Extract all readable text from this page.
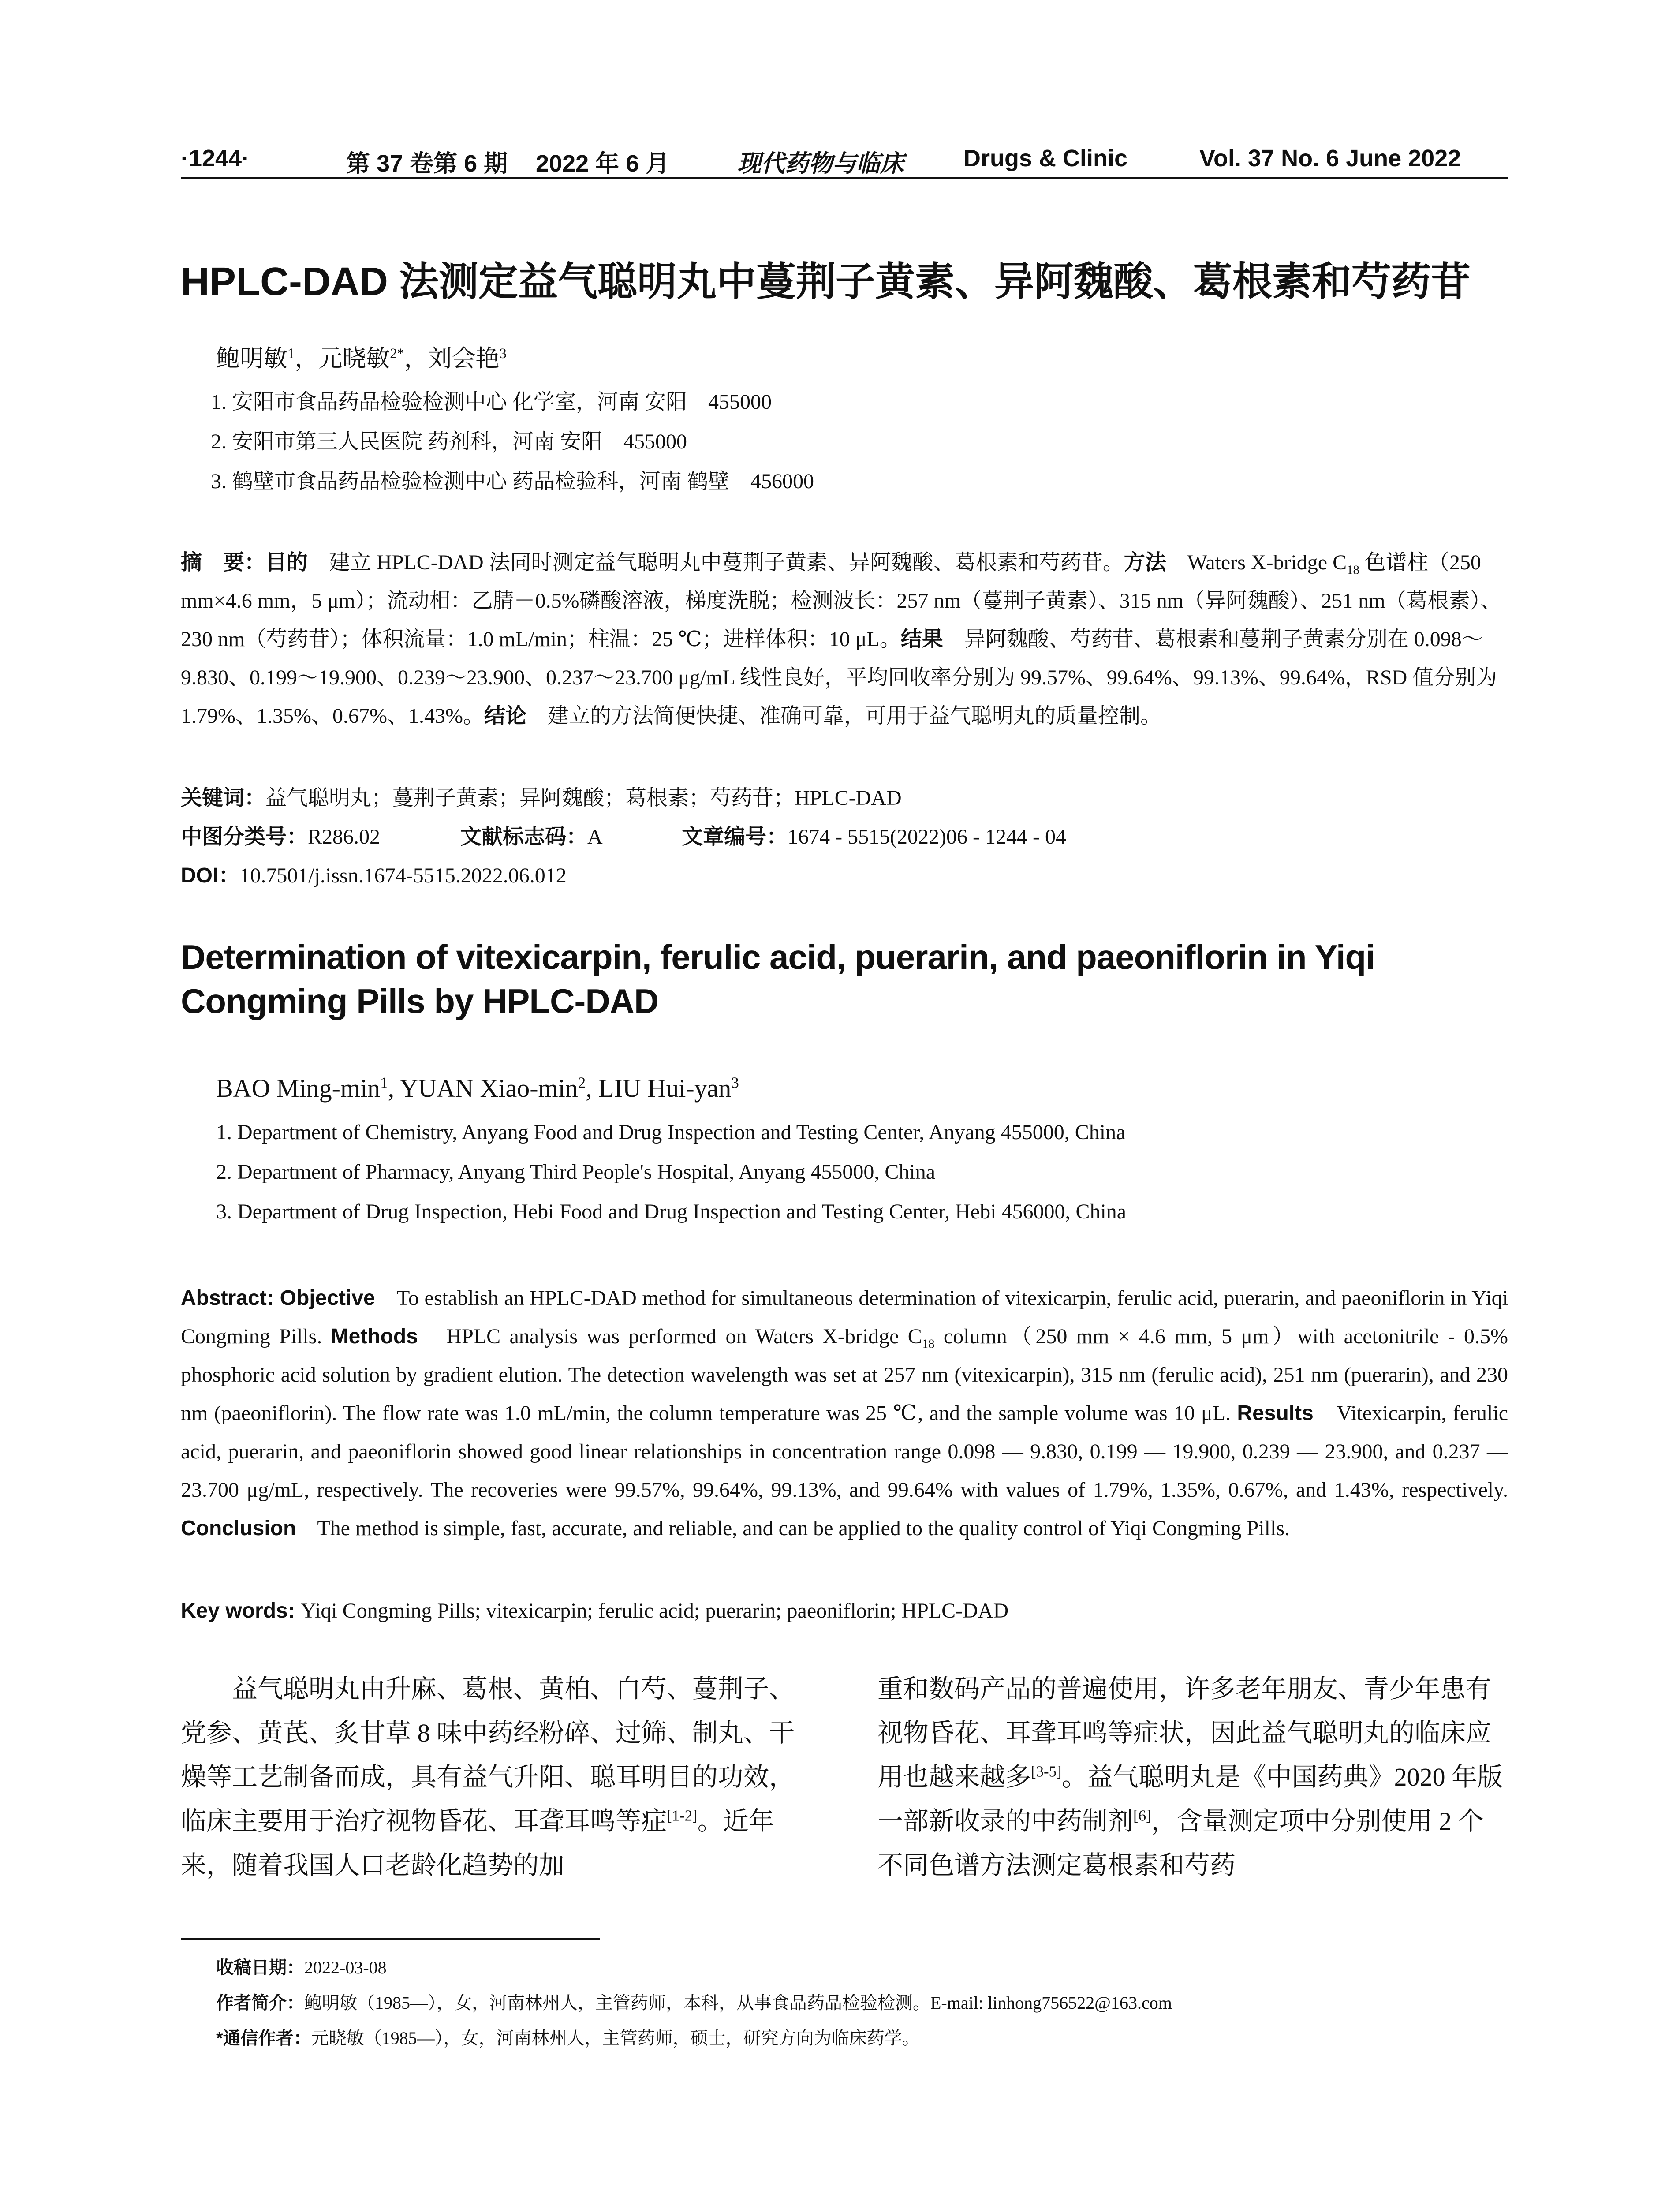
·1244·	第 37 卷第 6 期 2022 年 6 月	现代药物与临床	Drugs & Clinic	Vol. 37 No. 6 June 2022
HPLC-DAD 法测定益气聪明丸中蔓荆子黄素、异阿魏酸、葛根素和芍药苷
鲍明敏$^1$，元晓敏$^{2*}$，刘会艳$^3$
1. 安阳市食品药品检验检测中心 化学室，河南 安阳　455000
2. 安阳市第三人民医院 药剂科，河南 安阳　455000
3. 鹤壁市食品药品检验检测中心 药品检验科，河南 鹤壁　456000
摘　要：目的　建立 HPLC-DAD 法同时测定益气聪明丸中蔓荆子黄素、异阿魏酸、葛根素和芍药苷。方法　Waters X-bridge $C_{18}$ 色谱柱（250 mm×4.6 mm，5 μm）；流动相：乙腈－0.5%磷酸溶液，梯度洗脱；检测波长：257 nm（蔓荆子黄素）、315 nm（异阿魏酸）、251 nm（葛根素）、230 nm（芍药苷）；体积流量：1.0 mL/min；柱温：25 ℃；进样体积：10 μL。结果　异阿魏酸、芍药苷、葛根素和蔓荆子黄素分别在 0.098～9.830、0.199～19.900、0.239～23.900、0.237～23.700 μg/mL 线性良好，平均回收率分别为 99.57%、99.64%、99.13%、99.64%，RSD 值分别为 1.79%、1.35%、0.67%、1.43%。结论　建立的方法简便快捷、准确可靠，可用于益气聪明丸的质量控制。
关键词：益气聪明丸；蔓荆子黄素；异阿魏酸；葛根素；芍药苷；HPLC-DAD
中图分类号：R286.02	文献标志码：A	文章编号：1674 - 5515(2022)06 - 1244 - 04
DOI：10.7501/j.issn.1674-5515.2022.06.012
Determination of vitexicarpin, ferulic acid, puerarin, and paeoniflorin in Yiqi
Congming Pills by HPLC-DAD
BAO Ming-$\min^1$, YUAN Xiao-$\min^2$, LIU Hui-yan$^3$
1. Department of Chemistry, Anyang Food and Drug Inspection and Testing Center, Anyang 455000, China
2. Department of Pharmacy, Anyang Third People's Hospital, Anyang 455000, China
3. Department of Drug Inspection, Hebi Food and Drug Inspection and Testing Center, Hebi 456000, China
Abstract: Objective　To establish an HPLC-DAD method for simultaneous determination of vitexicarpin, ferulic acid, puerarin, and paeoniflorin in Yiqi Congming Pills. Methods　HPLC analysis was performed on Waters X-bridge $C_{18}$ column（250 mm × 4.6 mm, 5 μm）with acetonitrile - 0.5% phosphoric acid solution by gradient elution. The detection wavelength was set at 257 nm (vitexicarpin), 315 nm (ferulic acid), 251 nm (puerarin), and 230 nm (paeoniflorin). The flow rate was 1.0 mL/min, the column temperature was 25 ℃, and the sample volume was 10 μL. Results　Vitexicarpin, ferulic acid, puerarin, and paeoniflorin showed good linear relationships in concentration range 0.098 — 9.830, 0.199 — 19.900, 0.239 — 23.900, and 0.237 — 23.700 μg/mL, respectively. The recoveries were 99.57%, 99.64%, 99.13%, and 99.64% with values of 1.79%, 1.35%, 0.67%, and 1.43%, respectively. Conclusion　The method is simple, fast, accurate, and reliable, and can be applied to the quality control of Yiqi Congming Pills.
Key words: Yiqi Congming Pills; vitexicarpin; ferulic acid; puerarin; paeoniflorin; HPLC-DAD
益气聪明丸由升麻、葛根、黄柏、白芍、蔓荆子、党参、黄芪、炙甘草 8 味中药经粉碎、过筛、制丸、干燥等工艺制备而成，具有益气升阳、聪耳明目的功效，临床主要用于治疗视物昏花、耳聋耳鸣等症[1-2]。近年来，随着我国人口老龄化趋势的加
重和数码产品的普遍使用，许多老年朋友、青少年患有视物昏花、耳聋耳鸣等症状，因此益气聪明丸的临床应用也越来越多[3-5]。益气聪明丸是《中国药典》2020 年版一部新收录的中药制剂[6]，含量测定项中分别使用 2 个不同色谱方法测定葛根素和芍药
收稿日期：2022-03-08
作者简介：鲍明敏（1985—），女，河南林州人，主管药师，本科，从事食品药品检验检测。E-mail: linhong756522@163.com
*通信作者：元晓敏（1985—），女，河南林州人，主管药师，硕士，研究方向为临床药学。
